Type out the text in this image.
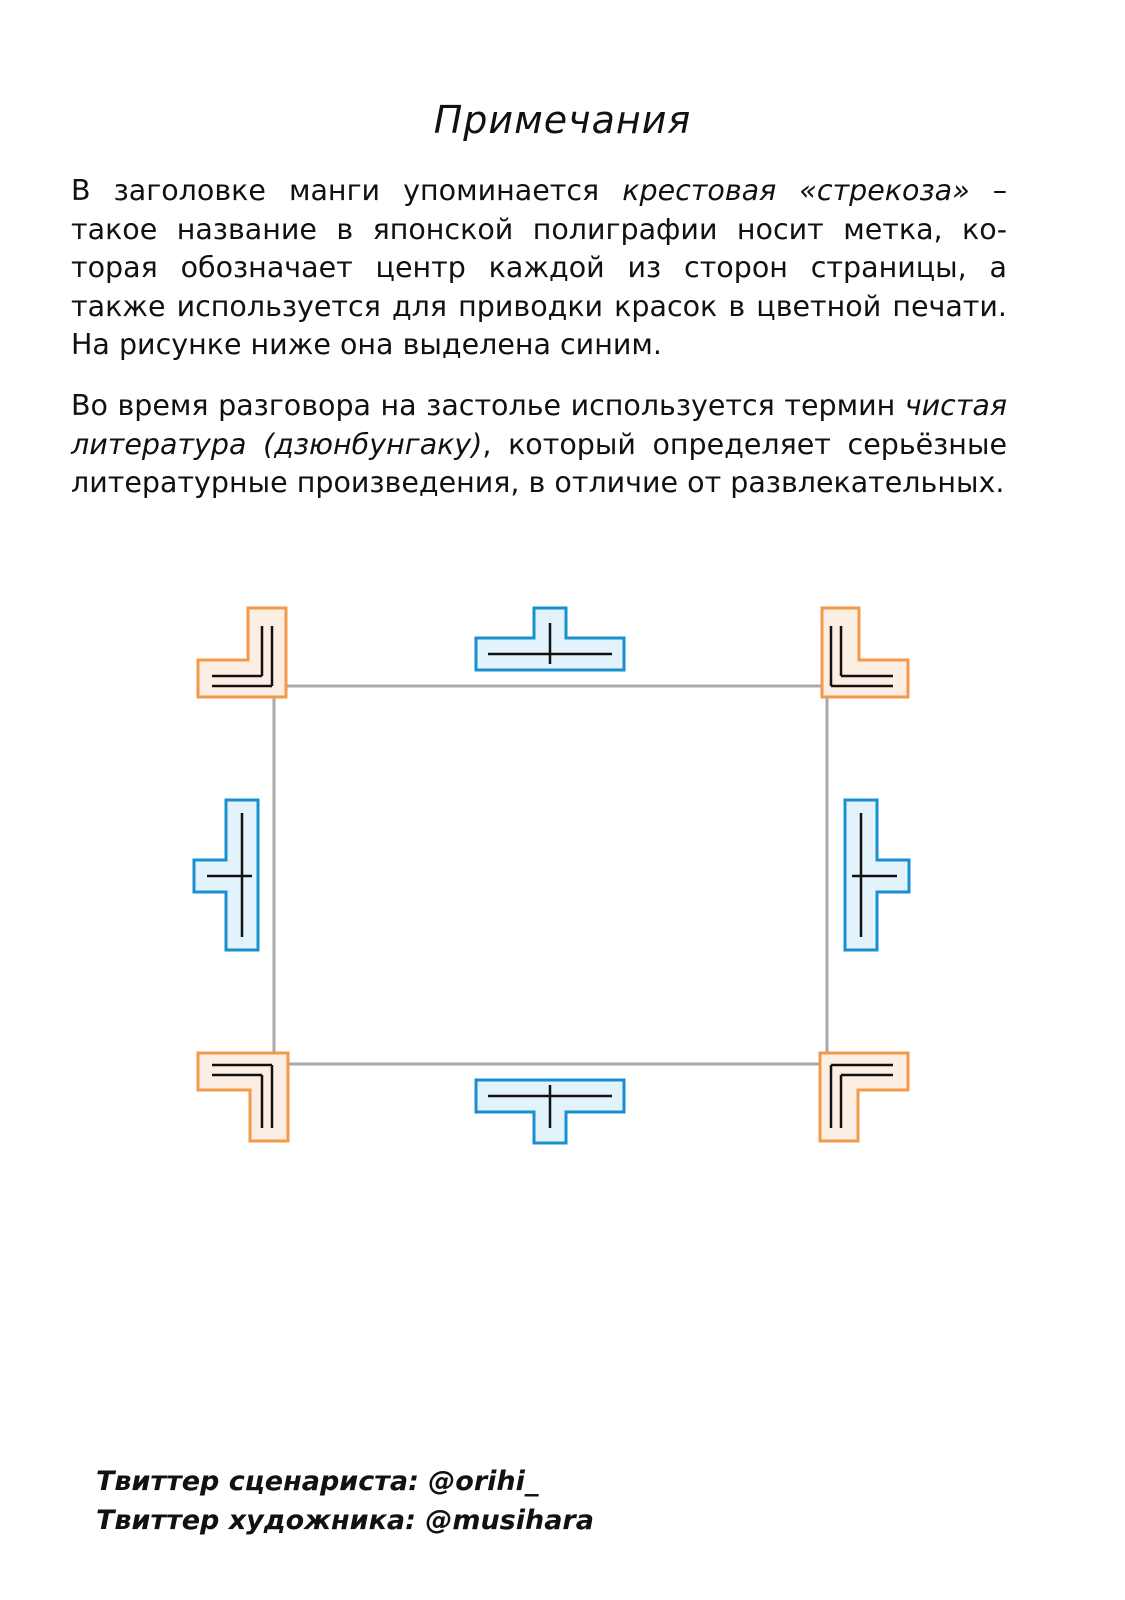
Примечания

В заголовке манги упоминается крестовая «стрекоза» – такое название в японской полиграфии носит метка, которая обозначает центр каждой из сторон страницы, а также используется для приводки красок в цветной печати. На рисунке ниже она выделена синим.

Во время разговора на застолье используется термин чистая литература (дзюнбунгаку), который определяет серьёзные литературные произведения, в отличие от развлекательных.

Твиттер сценариста: @orihi_
Твиттер художника: @musihara
